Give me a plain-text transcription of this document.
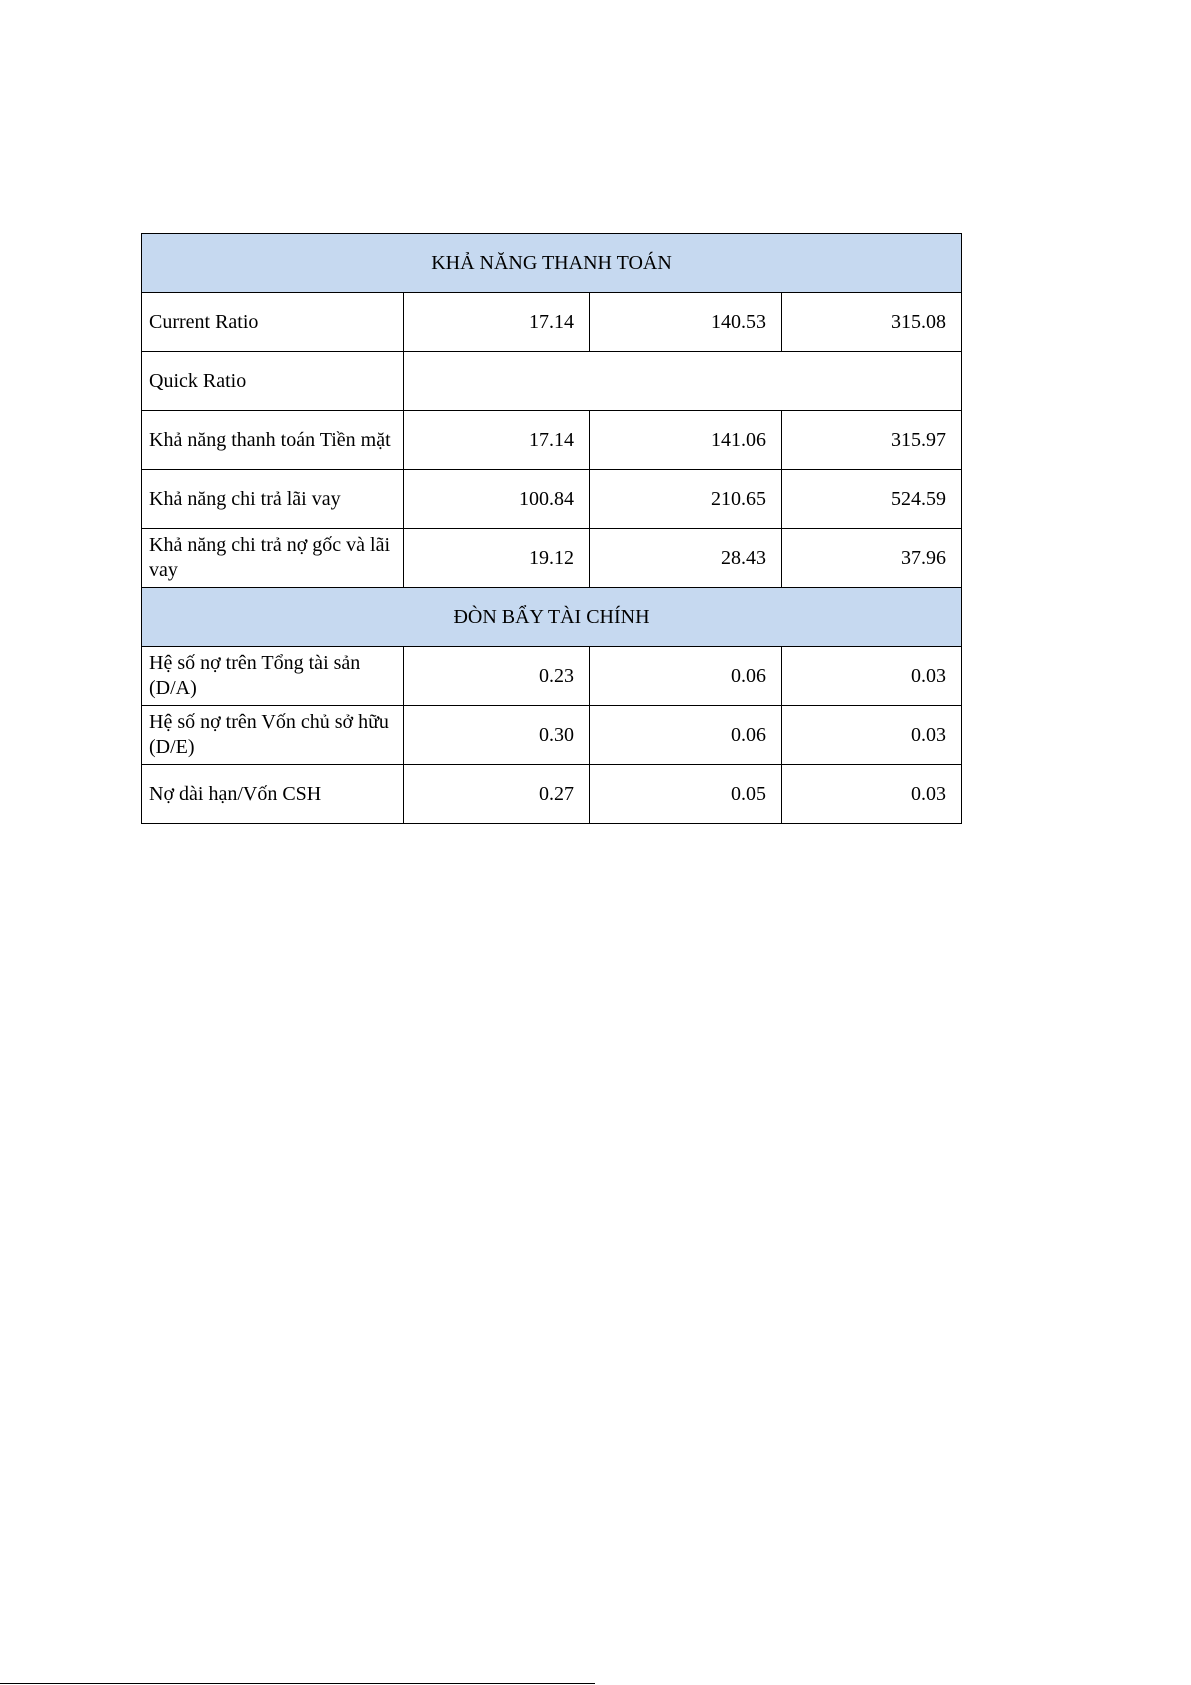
KHẢ NĂNG THANH TOÁN			

Current Ratio	17.14	140.53	315.08

Quick Ratio			

Khả năng thanh toán Tiền mặt	17.14	141.06	315.97

Khả năng chi trả lãi vay	100.84	210.65	524.59

Khả năng chi trả nợ gốc và lãi vay	19.12	28.43	37.96
ĐÒN BẨY TÀI CHÍNH			

Hệ số nợ trên Tổng tài sản (D/A)	0.23	0.06	0.03

Hệ số nợ trên Vốn chủ sở hữu (D/E)	0.30	0.06	0.03

Nợ dài hạn/Vốn CSH	0.27	0.05	0.03
